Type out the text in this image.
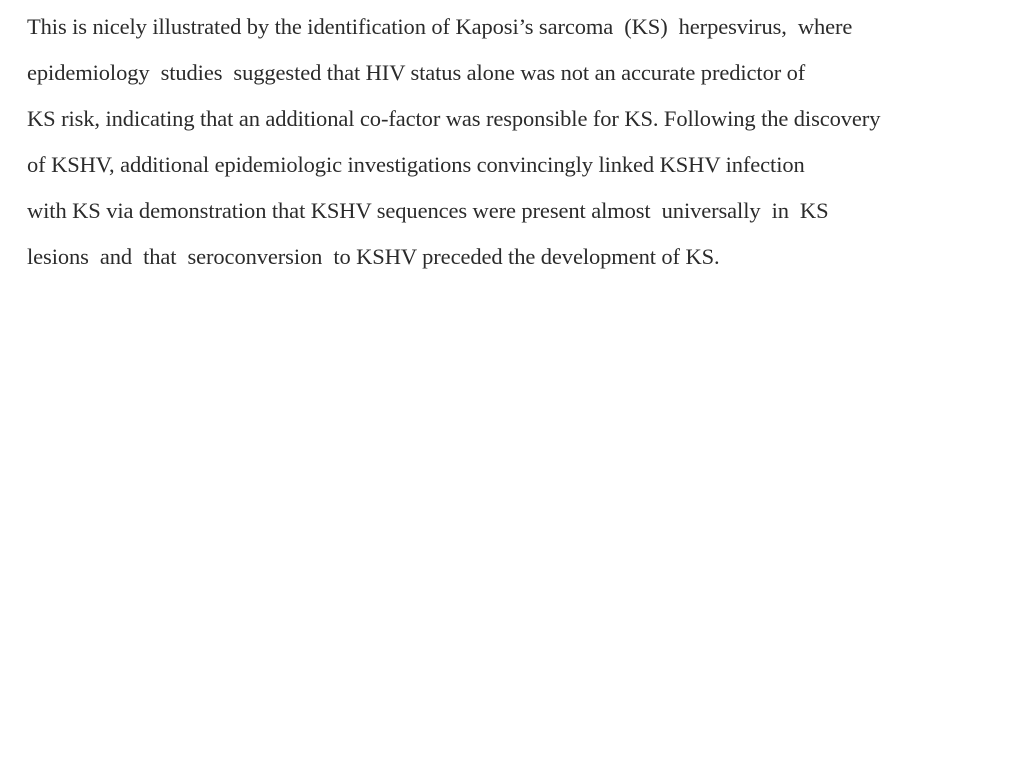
This is nicely illustrated by the identification of Kaposi’s sarcoma  (KS)  herpesvirus,  where
epidemiology  studies  suggested that HIV status alone was not an accurate predictor of
KS risk, indicating that an additional co-factor was responsible for KS. Following the discovery
of KSHV, additional epidemiologic investigations convincingly linked KSHV infection
with KS via demonstration that KSHV sequences were present almost  universally  in  KS
lesions  and  that  seroconversion  to KSHV preceded the development of KS.
